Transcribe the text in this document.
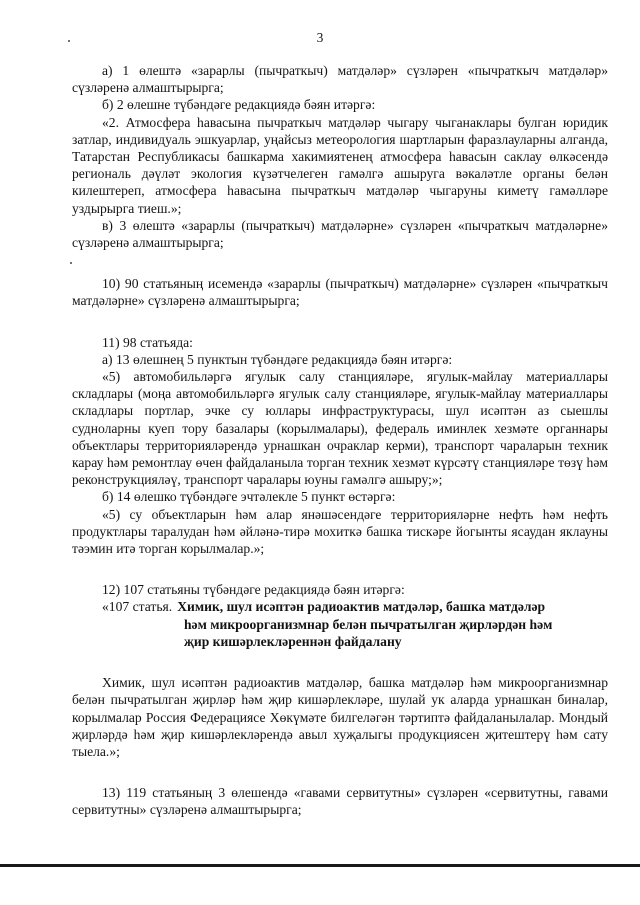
3

а) 1 өлештә «зарарлы (пычраткыч) матдәләр» сүзләрен «пычраткыч матдәләр» сүзләренә алмаштырырга;

б) 2 өлешне түбәндәге редакциядә бәян итәргә:

«2. Атмосфера һавасына пычраткыч матдәләр чыгару чыганаклары булган юридик затлар, индивидуаль эшкуарлар, уңайсыз метеорология шартларын фаразлауларны алганда, Татарстан Республикасы башкарма хакимиятенең атмосфера һавасын саклау өлкәсендә региональ дәүләт экология күзәтчелеген гамәлгә ашыруга вәкаләтле органы белән килештереп, атмосфера һавасына пычраткыч матдәләр чыгаруны киметү гамәлләре уздырырга тиеш.»;

в) 3 өлештә «зарарлы (пычраткыч) матдәләрне» сүзләрен «пычраткыч матдәләрне» сүзләренә алмаштырырга;

10) 90 статьяның исемендә «зарарлы (пычраткыч) матдәләрне» сүзләрен «пычраткыч матдәләрне» сүзләренә алмаштырырга;

11) 98 статьяда:

а) 13 өлешнең 5 пунктын түбәндәге редакциядә бәян итәргә:

«5) автомобильләргә ягулык салу станцияләре, ягулык-майлау материаллары складлары (моңа автомобильләргә ягулык салу станцияләре, ягулык-майлау материаллары складлары портлар, эчке су юллары инфраструктурасы, шул исәптән аз сыешлы судноларны куеп тору базалары (корылмалары), федераль иминлек хезмәте органнары объектлары территорияләрендә урнашкан очраклар керми), транспорт чараларын техник карау һәм ремонтлау өчен файдаланыла торган техник хезмәт күрсәтү станцияләре төзү һәм реконструкцияләү, транспорт чаралары юуны гамәлгә ашыру;»;

б) 14 өлешко түбәндәге эчтәлекле 5 пункт өстәргә:

«5) су объектларын һәм алар янәшәсендәге территорияләрне нефть һәм нефть продуктлары таралудан һәм әйләнә-тирә мохиткә башка тискәре йогынты ясаудан яклауны тәэмин итә торган корылмалар.»;

12) 107 статьяны түбәндәге редакциядә бәян итәргә:

«107 статья. Химик, шул исәптән радиоактив матдәләр, башка матдәләр

һәм микроорганизмнар белән пычратылган җирләрдән һәм

җир кишәрлекләреннән файдалану

Химик, шул исәптән радиоактив матдәләр, башка матдәләр һәм микроорганизмнар белән пычратылган җирләр һәм җир кишәрлекләре, шулай ук аларда урнашкан биналар, корылмалар Россия Федерациясе Хөкүмәте билгеләгән тәртиптә файдаланылалар. Мондый җирләрдә һәм җир кишәрлекләрендә авыл хуҗалыгы продукциясен җитештерү һәм сату тыела.»;

13) 119 статьяның 3 өлешендә «гавами сервитутны» сүзләрен «сервитутны, гавами сервитутны» сүзләренә алмаштырырга;
